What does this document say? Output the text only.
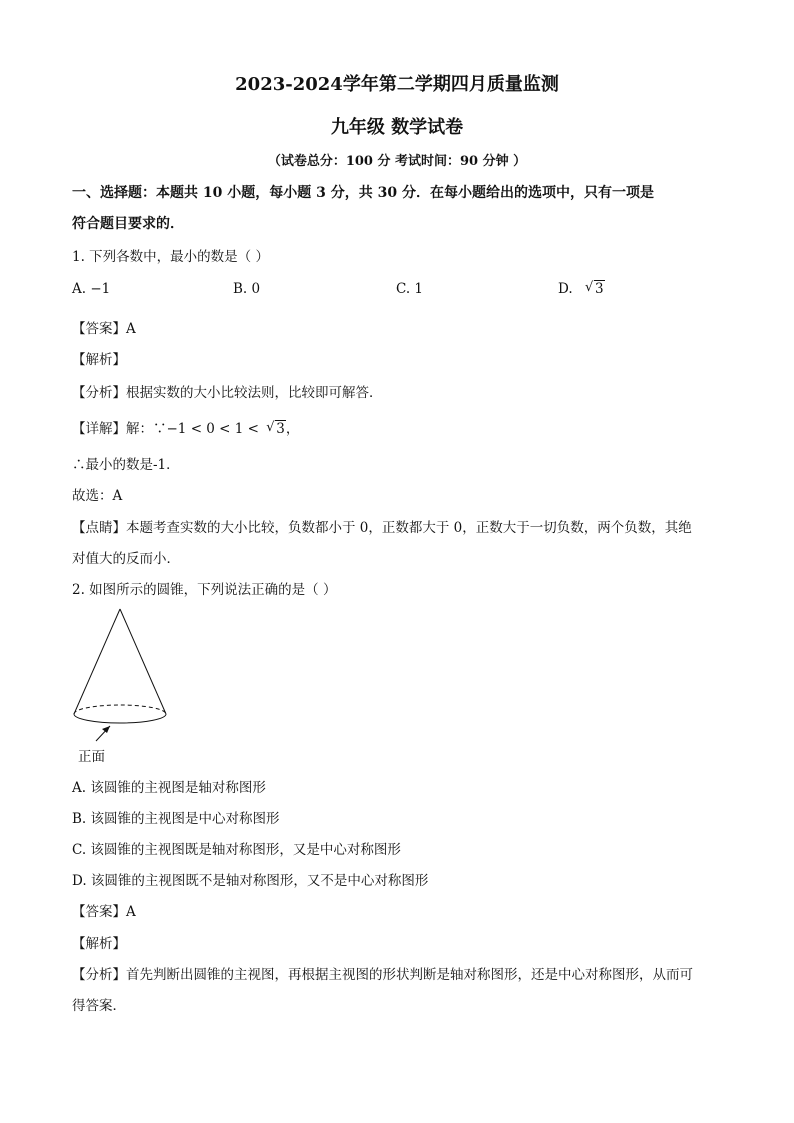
2023-2024学年第二学期四月质量监测
九年级 数学试卷
（试卷总分：100 分 考试时间：90 分钟 ）
一、选择题：本题共 10 小题，每小题 3 分，共 30 分．在每小题给出的选项中，只有一项是
符合题目要求的．
1. 下列各数中，最小的数是（ ）
A. −1	B. 0	C. 1	D. √ 3
【答案】A
【解析】
【分析】根据实数的大小比较法则，比较即可解答．
【详解】解：∵−1 < 0 < 1 < √ 3，
∴最小的数是-1．
故选：A
【点睛】本题考查实数的大小比较，负数都小于 0，正数都大于 0，正数大于一切负数，两个负数，其绝
对值大的反而小．
2. 如图所示的圆锥，下列说法正确的是（ ）
正面
A. 该圆锥的主视图是轴对称图形
B. 该圆锥的主视图是中心对称图形
C. 该圆锥的主视图既是轴对称图形，又是中心对称图形
D. 该圆锥的主视图既不是轴对称图形，又不是中心对称图形
【答案】A
【解析】
【分析】首先判断出圆锥的主视图，再根据主视图的形状判断是轴对称图形，还是中心对称图形，从而可
得答案．
